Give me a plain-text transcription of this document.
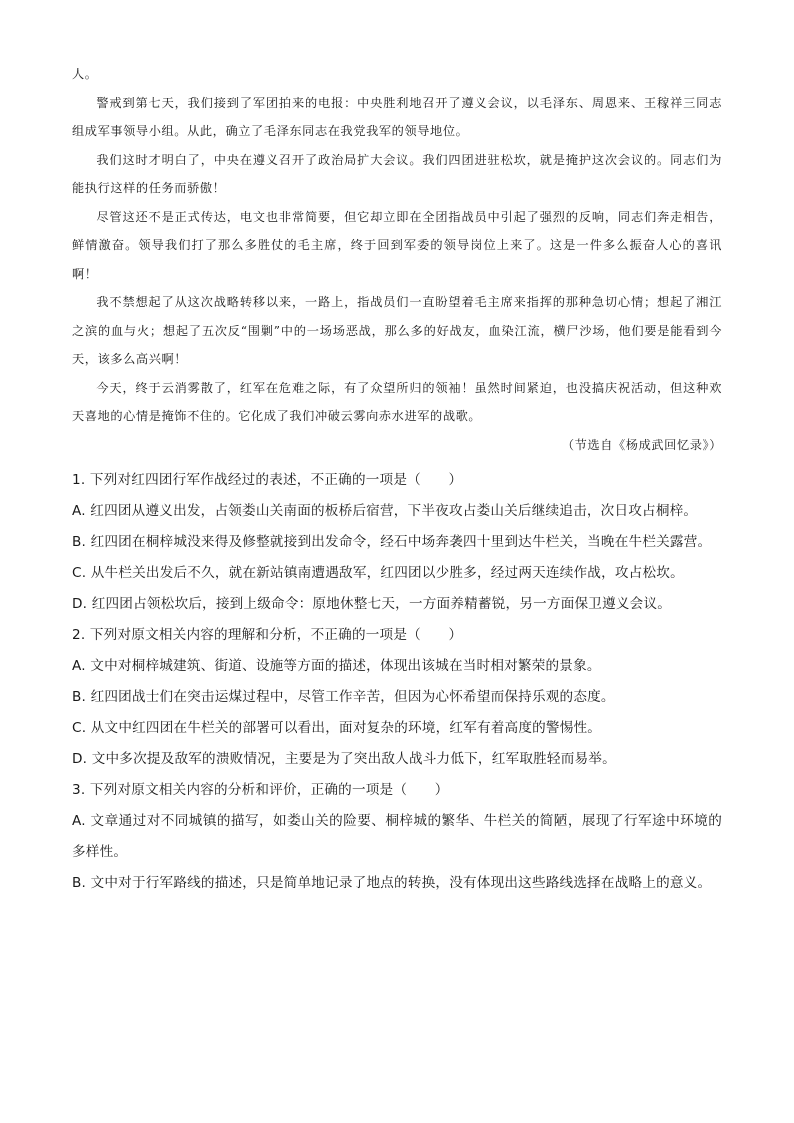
人。

警戒到第七天，我们接到了军团拍来的电报：中央胜利地召开了遵义会议，以毛泽东、周恩来、王稼祥三同志组成军事领导小组。从此，确立了毛泽东同志在我党我军的领导地位。

我们这时才明白了，中央在遵义召开了政治局扩大会议。我们四团进驻松坎，就是掩护这次会议的。同志们为能执行这样的任务而骄傲！

尽管这还不是正式传达，电文也非常简要，但它却立即在全团指战员中引起了强烈的反响，同志们奔走相告，鲜情激奋。领导我们打了那么多胜仗的毛主席，终于回到军委的领导岗位上来了。这是一件多么振奋人心的喜讯啊！

我不禁想起了从这次战略转移以来，一路上，指战员们一直盼望着毛主席来指挥的那种急切心情；想起了湘江之滨的血与火；想起了五次反“围剿”中的一场场恶战，那么多的好战友，血染江流，横尸沙场，他们要是能看到今天，该多么高兴啊！

今天，终于云消雾散了，红军在危难之际，有了众望所归的领袖！虽然时间紧迫，也没搞庆祝活动，但这种欢天喜地的心情是掩饰不住的。它化成了我们冲破云雾向赤水进军的战歌。

（节选自《杨成武回忆录》）

1. 下列对红四团行军作战经过的表述，不正确的一项是（　　）

A. 红四团从遵义出发，占领娄山关南面的板桥后宿营，下半夜攻占娄山关后继续追击，次日攻占桐梓。

B. 红四团在桐梓城没来得及修整就接到出发命令，经石中场奔袭四十里到达牛栏关，当晚在牛栏关露营。

C. 从牛栏关出发后不久，就在新站镇南遭遇敌军，红四团以少胜多，经过两天连续作战，攻占松坎。

D. 红四团占领松坎后，接到上级命令：原地休整七天，一方面养精蓄锐，另一方面保卫遵义会议。

2. 下列对原文相关内容的理解和分析，不正确的一项是（　　）

A. 文中对桐梓城建筑、街道、设施等方面的描述，体现出该城在当时相对繁荣的景象。

B. 红四团战士们在突击运煤过程中，尽管工作辛苦，但因为心怀希望而保持乐观的态度。

C. 从文中红四团在牛栏关的部署可以看出，面对复杂的环境，红军有着高度的警惕性。

D. 文中多次提及敌军的溃败情况，主要是为了突出敌人战斗力低下，红军取胜轻而易举。

3. 下列对原文相关内容的分析和评价，正确的一项是（　　）

A. 文章通过对不同城镇的描写，如娄山关的险要、桐梓城的繁华、牛栏关的简陋，展现了行军途中环境的多样性。

B. 文中对于行军路线的描述，只是简单地记录了地点的转换，没有体现出这些路线选择在战略上的意义。
